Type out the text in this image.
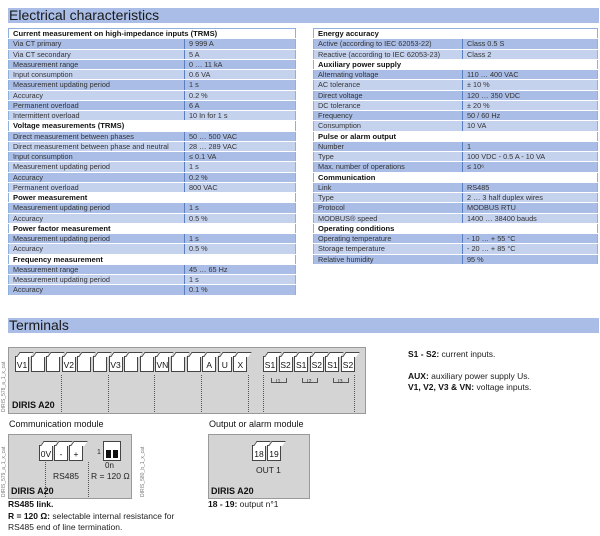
Electrical characteristics
Current measurement on high-impedance inputs (TRMS)	
Via CT primary	9 999 A
Via CT secondary	5 A
Measurement range	0 … 11 kA
Input consumption	0.6 VA
Measurement updating period	1 s
Accuracy	0.2 %
Permanent overload	6 A
Intermittent overload	10 In for 1 s
Voltage measurements (TRMS)	
Direct measurement between phases	50 … 500 VAC
Direct measurement between phase and neutral	28 … 289 VAC
Input consumption	≤ 0.1 VA
Measurement updating period	1 s
Accuracy	0.2 %
Permanent overload	800 VAC
Power measurement	
Measurement updating period	1 s
Accuracy	0.5 %
Power factor measurement	
Measurement updating period	1 s
Accuracy	0.5 %
Frequency measurement	
Measurement range	45 … 65 Hz
Measurement updating period	1 s
Accuracy	0.1 %
Energy accuracy	
Active (according to IEC 62053-22)	Class 0.5 S
Reactive (according to IEC 62053-23)	Class 2
Auxiliary power supply	
Alternating voltage	110 … 400 VAC
AC tolerance	± 10 %
Direct voltage	120 … 350 VDC
DC tolerance	± 20 %
Frequency	50 / 60 Hz
Consumption	10 VA
Pulse or alarm output	
Number	1
Type	100 VDC - 0.5 A - 10 VA
Max. number of operations	≤ 10⁶
Communication	
Link	RS485
Type	2 … 3 half duplex wires
Protocol	MODBUS RTU
MODBUS® speed	1400 … 38400 bauds
Operating conditions	
Operating temperature	- 10 … + 55 °C
Storage temperature	- 20 … + 85 °C
Relative humidity	95 %
Terminals
V1	V2	V3	VN	A	U	X	S1 S2 S1 S2 S1 S2
I1	I2	I3
DIRIS A20
DIRIS_578_a_1_x_cat
S1 - S2: current inputs.
AUX: auxiliary power supply Us.
V1, V2, V3 & VN: voltage inputs.
Communication module
0V -	+	1
0n
RS485 R = 120 Ω
DIRIS A20
DIRIS_579_a_1_x_cat	DIRIS_580_b_1_x_cat
RS485 link.
R = 120 Ω: selectable internal resistance for
RS485 end of line termination.
Output or alarm module
18 19
OUT 1
DIRIS A20
18 - 19: output n°1
